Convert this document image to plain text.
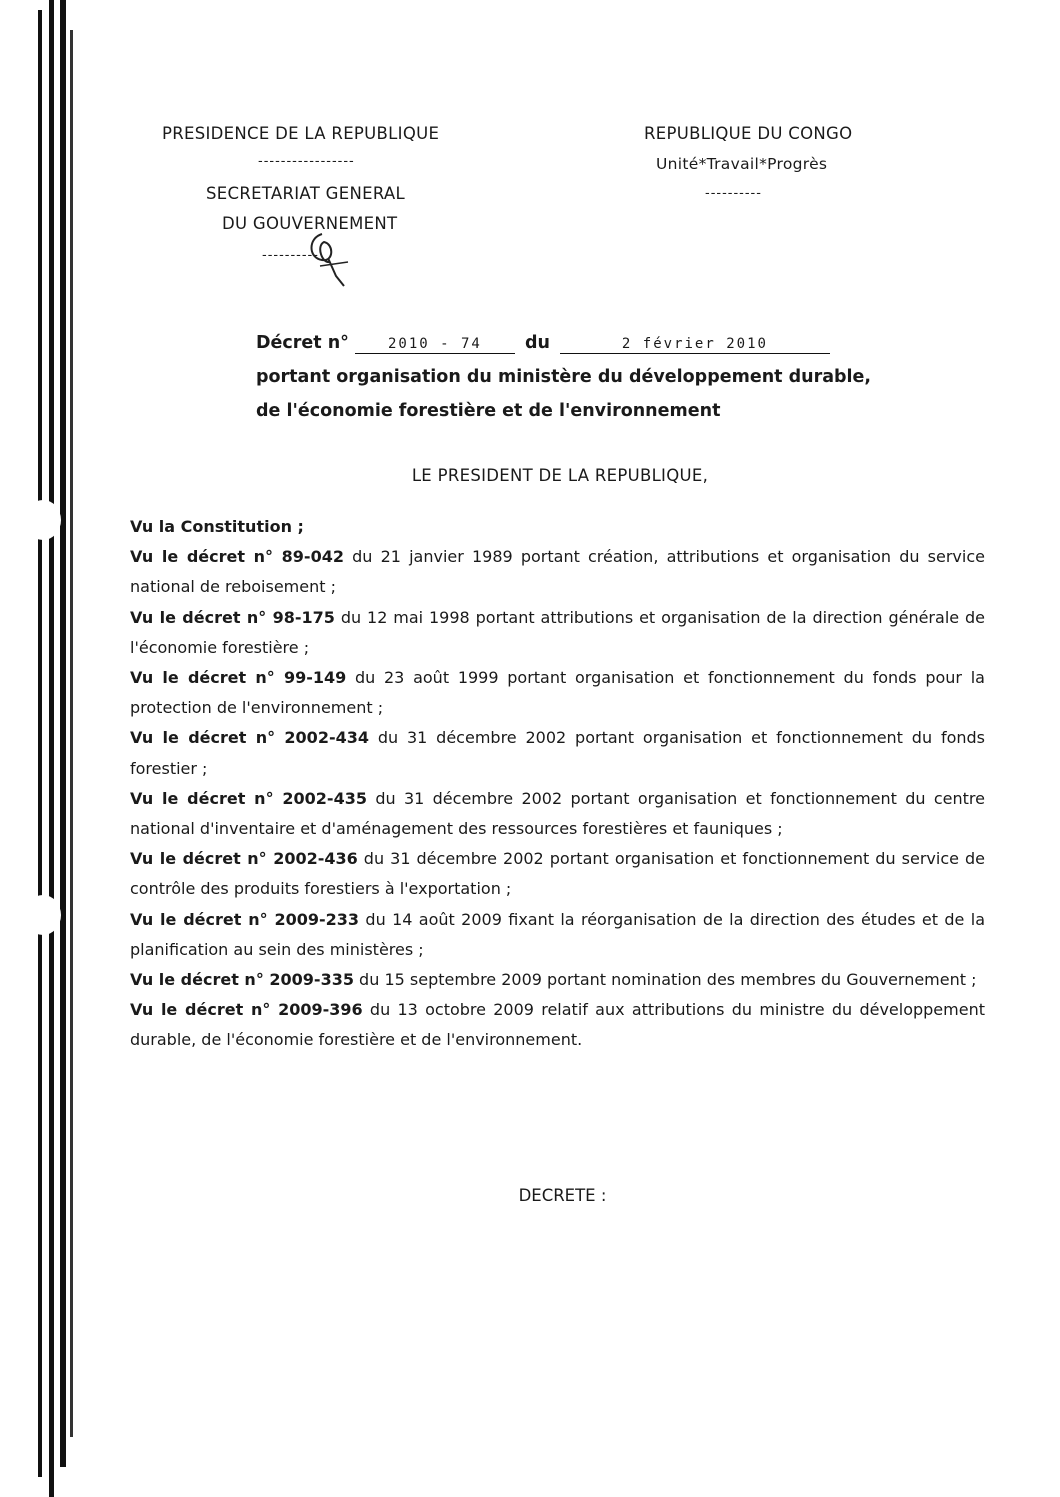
PRESIDENCE DE LA REPUBLIQUE
-----------------
SECRETARIAT GENERAL
DU GOUVERNEMENT
----------
REPUBLIQUE DU CONGO
Unité*Travail*Progrès
----------
Décret n°	2010 - 74 du	2 février 2010
portant organisation du ministère du développement durable,
de l'économie forestière et de l'environnement
LE PRESIDENT DE LA REPUBLIQUE,

Vu la Constitution ;

Vu le décret n° 89-042 du 21 janvier 1989 portant création, attributions et organisation du service national de reboisement ;

Vu le décret n° 98-175 du 12 mai 1998 portant attributions et organisation de la direction générale de l'économie forestière ;

Vu le décret n° 99-149 du 23 août 1999 portant organisation et fonctionnement du fonds pour la protection de l'environnement ;

Vu le décret n° 2002-434 du 31 décembre 2002 portant organisation et fonctionnement du fonds forestier ;

Vu le décret n° 2002-435 du 31 décembre 2002 portant organisation et fonctionnement du centre national d'inventaire et d'aménagement des ressources forestières et fauniques ;

Vu le décret n° 2002-436 du 31 décembre 2002 portant organisation et fonctionnement du service de contrôle des produits forestiers à l'exportation ;

Vu le décret n° 2009-233 du 14 août 2009 fixant la réorganisation de la direction des études et de la planification au sein des ministères ;

Vu le décret n° 2009-335 du 15 septembre 2009 portant nomination des membres du Gouvernement ;

Vu le décret n° 2009-396 du 13 octobre 2009 relatif aux attributions du ministre du développement durable, de l'économie forestière et de l'environnement.

DECRETE :
